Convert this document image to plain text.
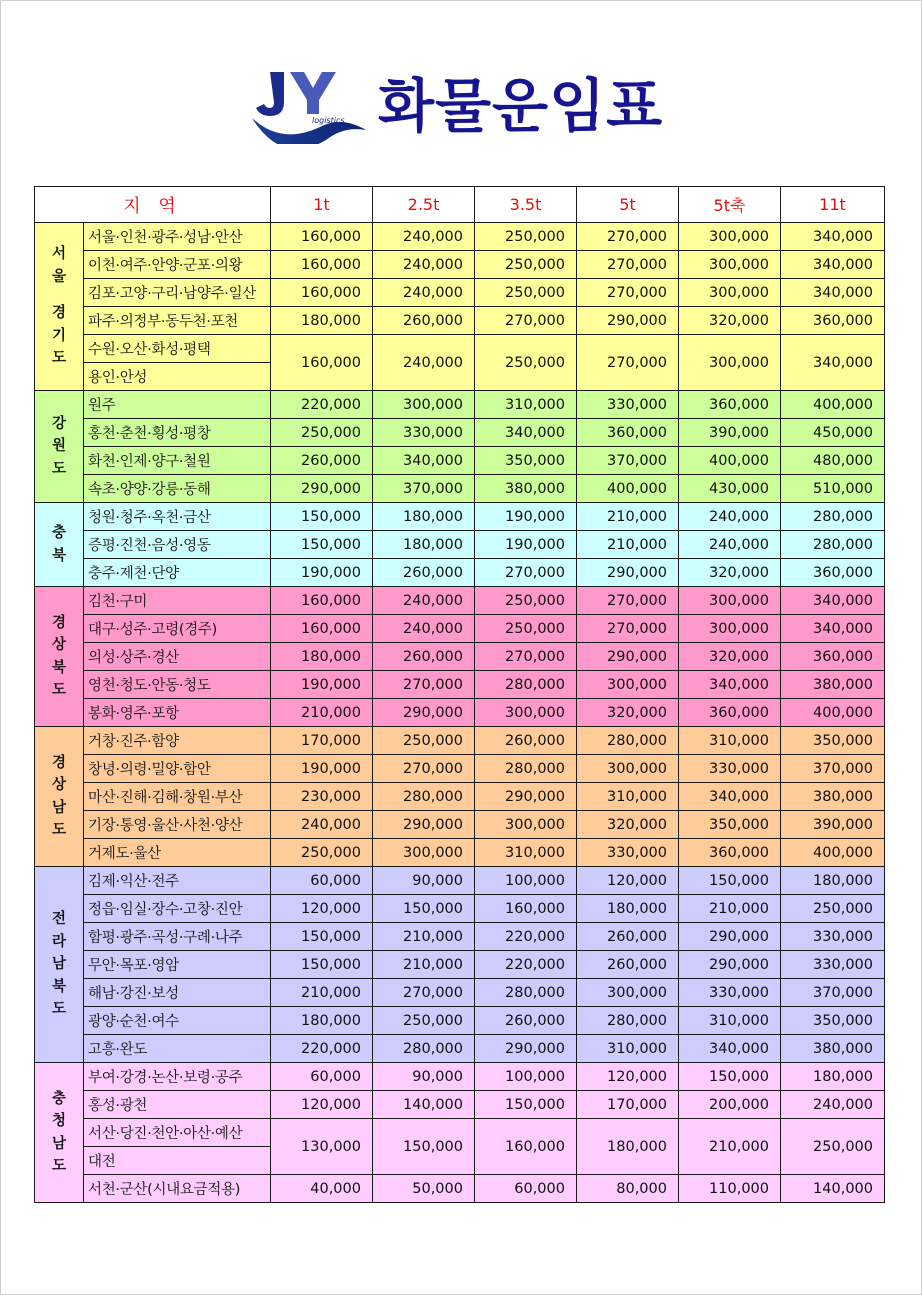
logistics 화물운임표
지 역		1t	2.5t	3.5t	5t	5t축	11t

서
울
경
기
도	서울·인천·광주·성남·안산	160,000	240,000	250,000	270,000	300,000	340,000
	이천·여주·안양·군포·의왕	160,000	240,000	250,000	270,000	300,000	340,000
	김포·고양·구리·남양주·일산	160,000	240,000	250,000	270,000	300,000	340,000
	파주·의정부·동두천·포천	180,000	260,000	270,000	290,000	320,000	360,000
	수원·오산·화성·평택	160,000	240,000	250,000	270,000	300,000	340,000
	용인·안성						

강
원
도	원주	220,000	300,000	310,000	330,000	360,000	400,000
	홍천·춘천·횡성·평창	250,000	330,000	340,000	360,000	390,000	450,000
	화천·인제·양구·철원	260,000	340,000	350,000	370,000	400,000	480,000
	속초·양양·강릉·동해	290,000	370,000	380,000	400,000	430,000	510,000

충
북	청원·청주·옥천·금산	150,000	180,000	190,000	210,000	240,000	280,000
	증평·진천·음성·영동	150,000	180,000	190,000	210,000	240,000	280,000
	충주·제천·단양	190,000	260,000	270,000	290,000	320,000	360,000

경
상
북
도	김천·구미	160,000	240,000	250,000	270,000	300,000	340,000
	대구·성주·고령(경주)	160,000	240,000	250,000	270,000	300,000	340,000
	의성·상주·경산	180,000	260,000	270,000	290,000	320,000	360,000
	영천·청도·안동·청도	190,000	270,000	280,000	300,000	340,000	380,000
	봉화·영주·포항	210,000	290,000	300,000	320,000	360,000	400,000

경
상
남
도	거창·진주·함양	170,000	250,000	260,000	280,000	310,000	350,000
	창녕·의령·밀양·함안	190,000	270,000	280,000	300,000	330,000	370,000
	마산·진해·김해·창원·부산	230,000	280,000	290,000	310,000	340,000	380,000
	기장·통영·울산·사천·양산	240,000	290,000	300,000	320,000	350,000	390,000
	거제도·울산	250,000	300,000	310,000	330,000	360,000	400,000

전
라
남
북
도	김제·익산·전주	60,000	90,000	100,000	120,000	150,000	180,000
	정읍·임실·장수·고창·진안	120,000	150,000	160,000	180,000	210,000	250,000
	함평·광주·곡성·구례·나주	150,000	210,000	220,000	260,000	290,000	330,000
	무안·목포·영암	150,000	210,000	220,000	260,000	290,000	330,000
	해남·강진·보성	210,000	270,000	280,000	300,000	330,000	370,000
	광양·순천·여수	180,000	250,000	260,000	280,000	310,000	350,000
	고흥·완도	220,000	280,000	290,000	310,000	340,000	380,000

충
청
남
도	부여·강경·논산·보령·공주	60,000	90,000	100,000	120,000	150,000	180,000
	홍성·광천	120,000	140,000	150,000	170,000	200,000	240,000
	서산·당진·천안·아산·예산	130,000	150,000	160,000	180,000	210,000	250,000
	대전						
	서천·군산(시내요금적용)	40,000	50,000	60,000	80,000	110,000	140,000
